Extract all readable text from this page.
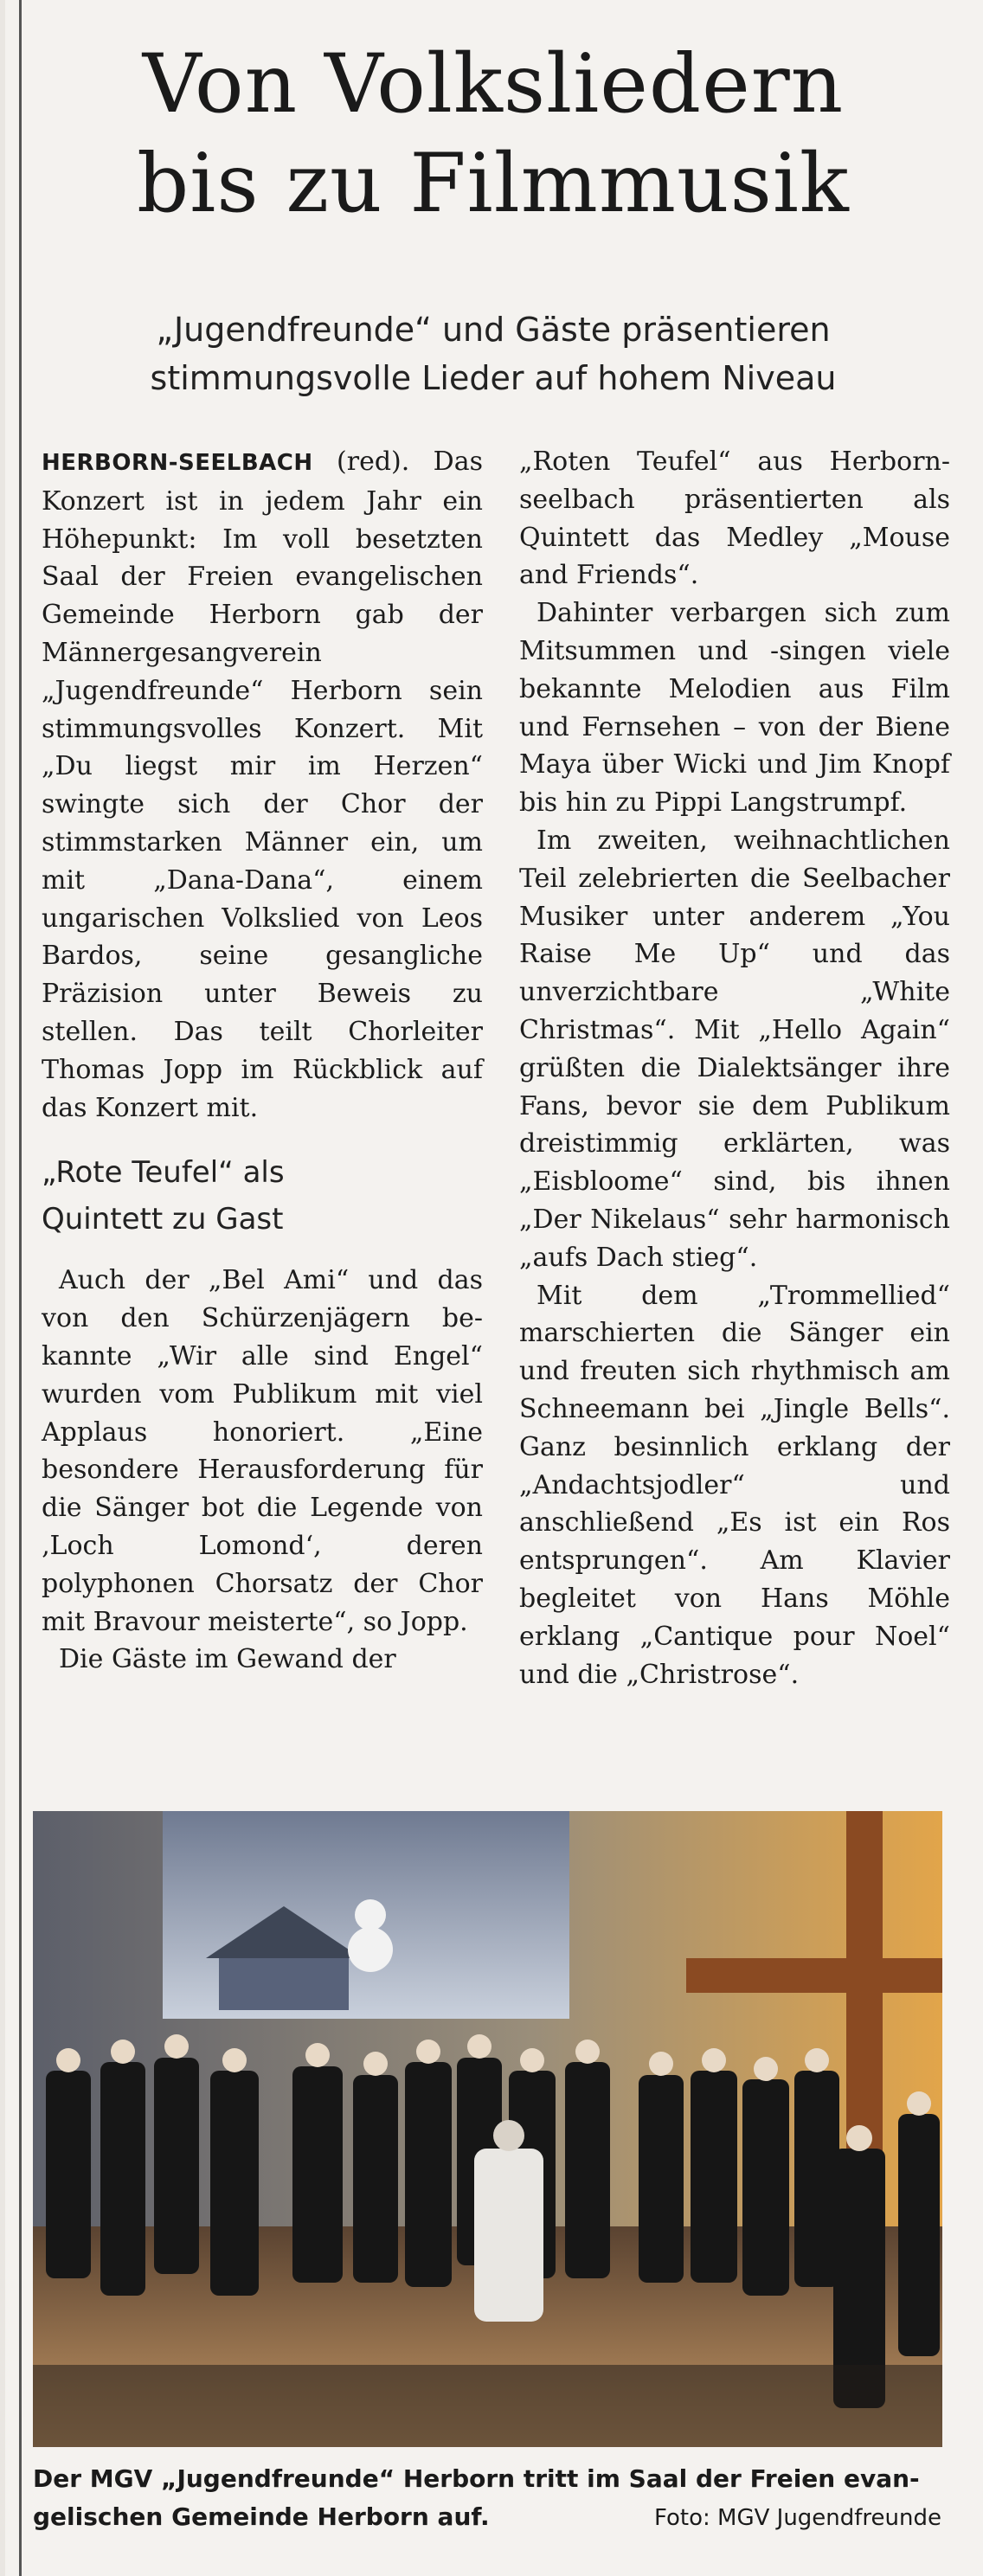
Von Volksliedern
bis zu Filmmusik
„Jugendfreunde“ und Gäste präsentieren
stimmungsvolle Lieder auf hohem Niveau

HERBORN-SEELBACH (red). Das Konzert ist in jedem Jahr ein Höhepunkt: Im voll besetzten Saal der Freien evangelischen Gemeinde Herborn gab der Männergesangverein „Jugendfreunde“ Herborn sein stimmungsvolles Konzert. Mit „Du liegst mir im Herzen“ swingte sich der Chor der stimmstarken Männer ein, um mit „Dana-Dana“, einem ungarischen Volkslied von Leos Bardos, seine gesangliche Präzision unter Beweis zu stellen. Das teilt Chorleiter Thomas Jopp im Rückblick auf das Konzert mit.

„Rote Teufel“ als
Quintett zu Gast

Auch der „Bel Ami“ und das von den Schürzenjägern bekannte „Wir alle sind Engel“ wurden vom Publikum mit viel Applaus honoriert. „Eine besondere Herausforderung für die Sänger bot die Legende von ‚Loch Lomond‘, deren polyphonen Chorsatz der Chor mit Bravour meisterte“, so Jopp.

Die Gäste im Gewand der

„Roten Teufel“ aus Herbornseelbach präsentierten als Quintett das Medley „Mouse and Friends“.

Dahinter verbargen sich zum Mitsummen und -singen viele bekannte Melodien aus Film und Fernsehen – von der Biene Maya über Wicki und Jim Knopf bis hin zu Pippi Langstrumpf.

Im zweiten, weihnachtlichen Teil zelebrierten die Seelbacher Musiker unter anderem „You Raise Me Up“ und das unverzichtbare „White Christmas“. Mit „Hello Again“ grüßten die Dialektsänger ihre Fans, bevor sie dem Publikum dreistimmig erklärten, was „Eisbloome“ sind, bis ihnen „Der Nikelaus“ sehr harmonisch „aufs Dach stieg“.

Mit dem „Trommellied“ marschierten die Sänger ein und freuten sich rhythmisch am Schneemann bei „Jingle Bells“. Ganz besinnlich erklang der „Andachtsjodler“ und anschließend „Es ist ein Ros entsprungen“. Am Klavier begleitet von Hans Möhle erklang „Cantique pour Noel“ und die „Christrose“.

Der MGV „Jugendfreunde“ Herborn tritt im Saal der Freien evangelischen Gemeinde Herborn auf.	Foto: MGV Jugendfreunde
